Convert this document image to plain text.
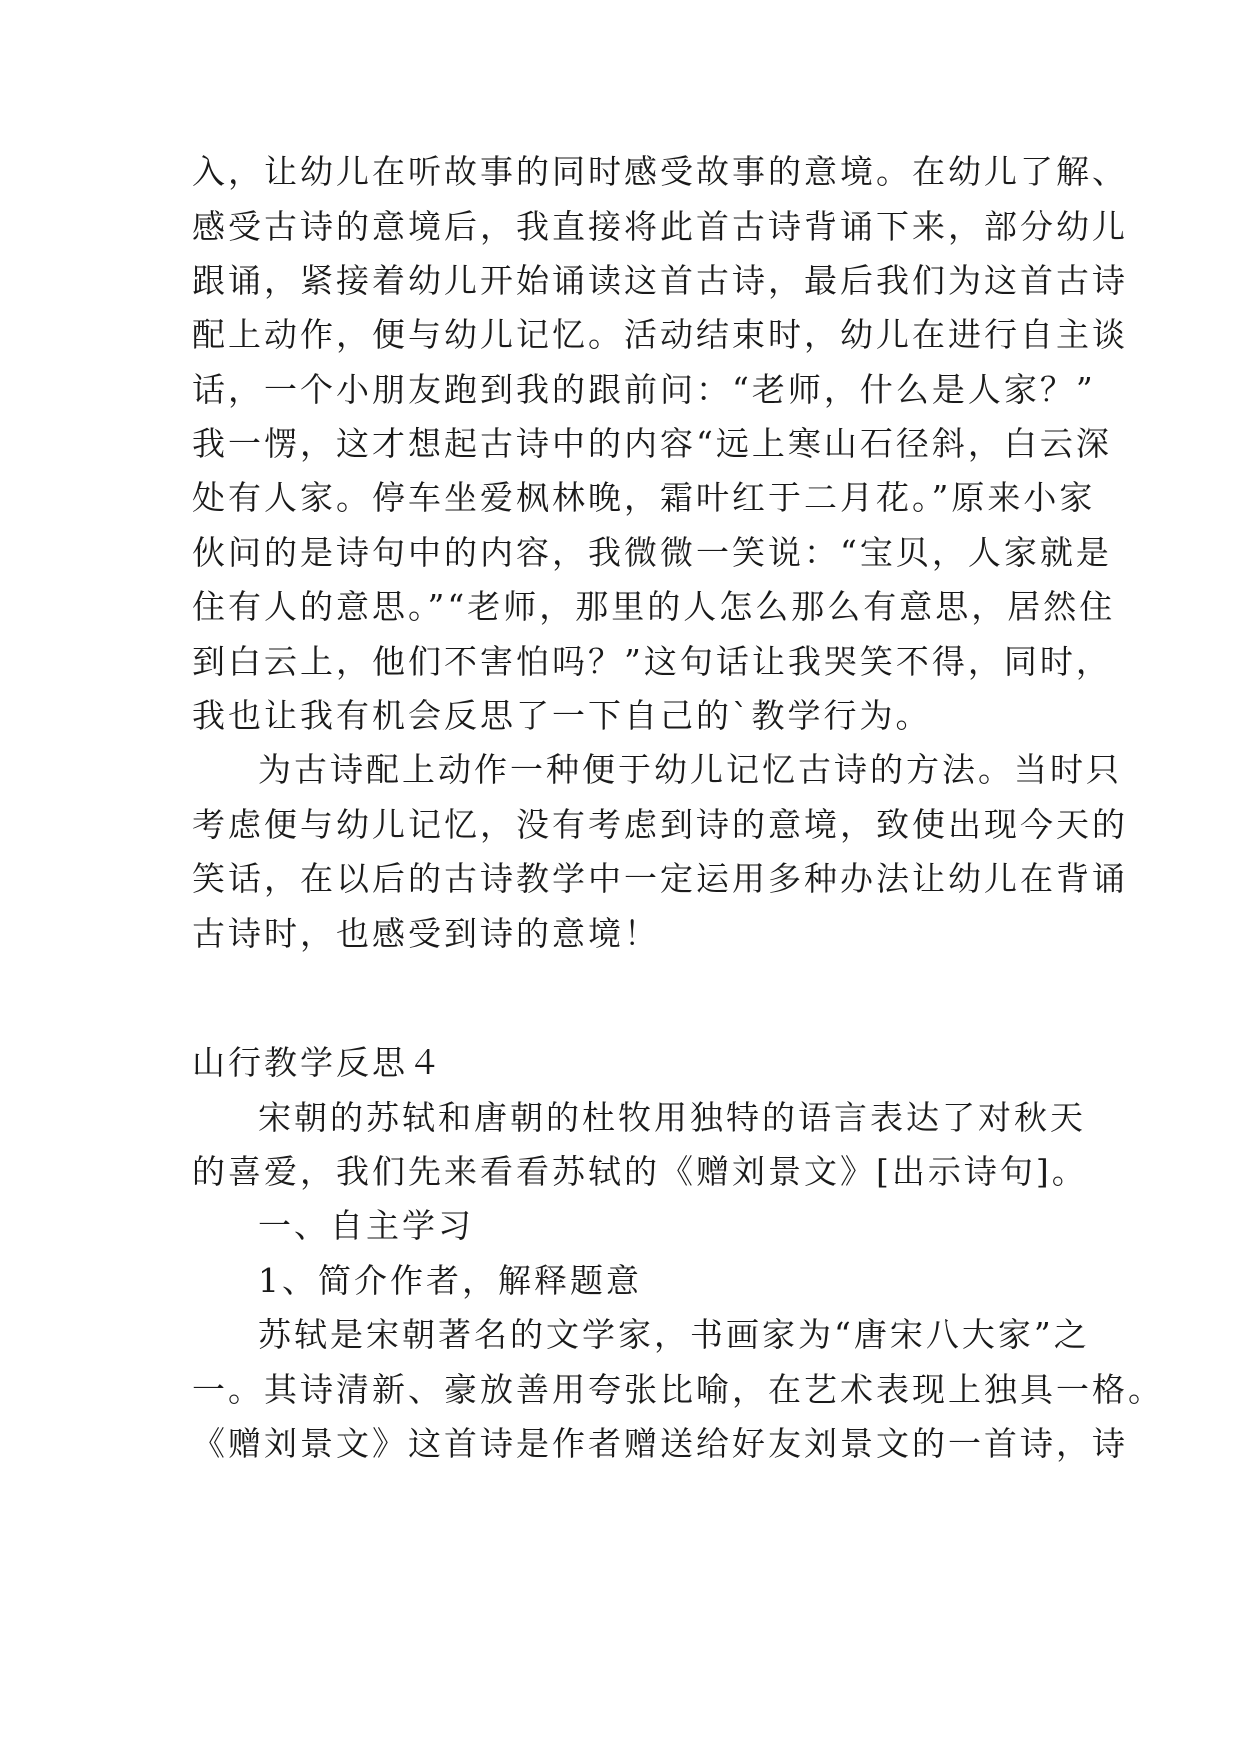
入，让幼儿在听故事的同时感受故事的意境。在幼儿了解、
感受古诗的意境后，我直接将此首古诗背诵下来，部分幼儿
跟诵，紧接着幼儿开始诵读这首古诗，最后我们为这首古诗
配上动作，便与幼儿记忆。活动结束时，幼儿在进行自主谈
话，一个小朋友跑到我的跟前问：“老师，什么是人家？”
我一愣，这才想起古诗中的内容“远上寒山石径斜，白云深
处有人家。停车坐爱枫林晚，霜叶红于二月花。”原来小家
伙问的是诗句中的内容，我微微一笑说：“宝贝，人家就是
住有人的意思。”“老师，那里的人怎么那么有意思，居然住
到白云上，他们不害怕吗？”这句话让我哭笑不得，同时，
我也让我有机会反思了一下自己的`教学行为。
为古诗配上动作一种便于幼儿记忆古诗的方法。当时只
考虑便与幼儿记忆，没有考虑到诗的意境，致使出现今天的
笑话，在以后的古诗教学中一定运用多种办法让幼儿在背诵
古诗时，也感受到诗的意境！
山行教学反思４
宋朝的苏轼和唐朝的杜牧用独特的语言表达了对秋天
的喜爱，我们先来看看苏轼的《赠刘景文》[出示诗句]。
一、自主学习
1、简介作者，解释题意
苏轼是宋朝著名的文学家，书画家为“唐宋八大家”之
一。其诗清新、豪放善用夸张比喻，在艺术表现上独具一格。
《赠刘景文》这首诗是作者赠送给好友刘景文的一首诗，诗
